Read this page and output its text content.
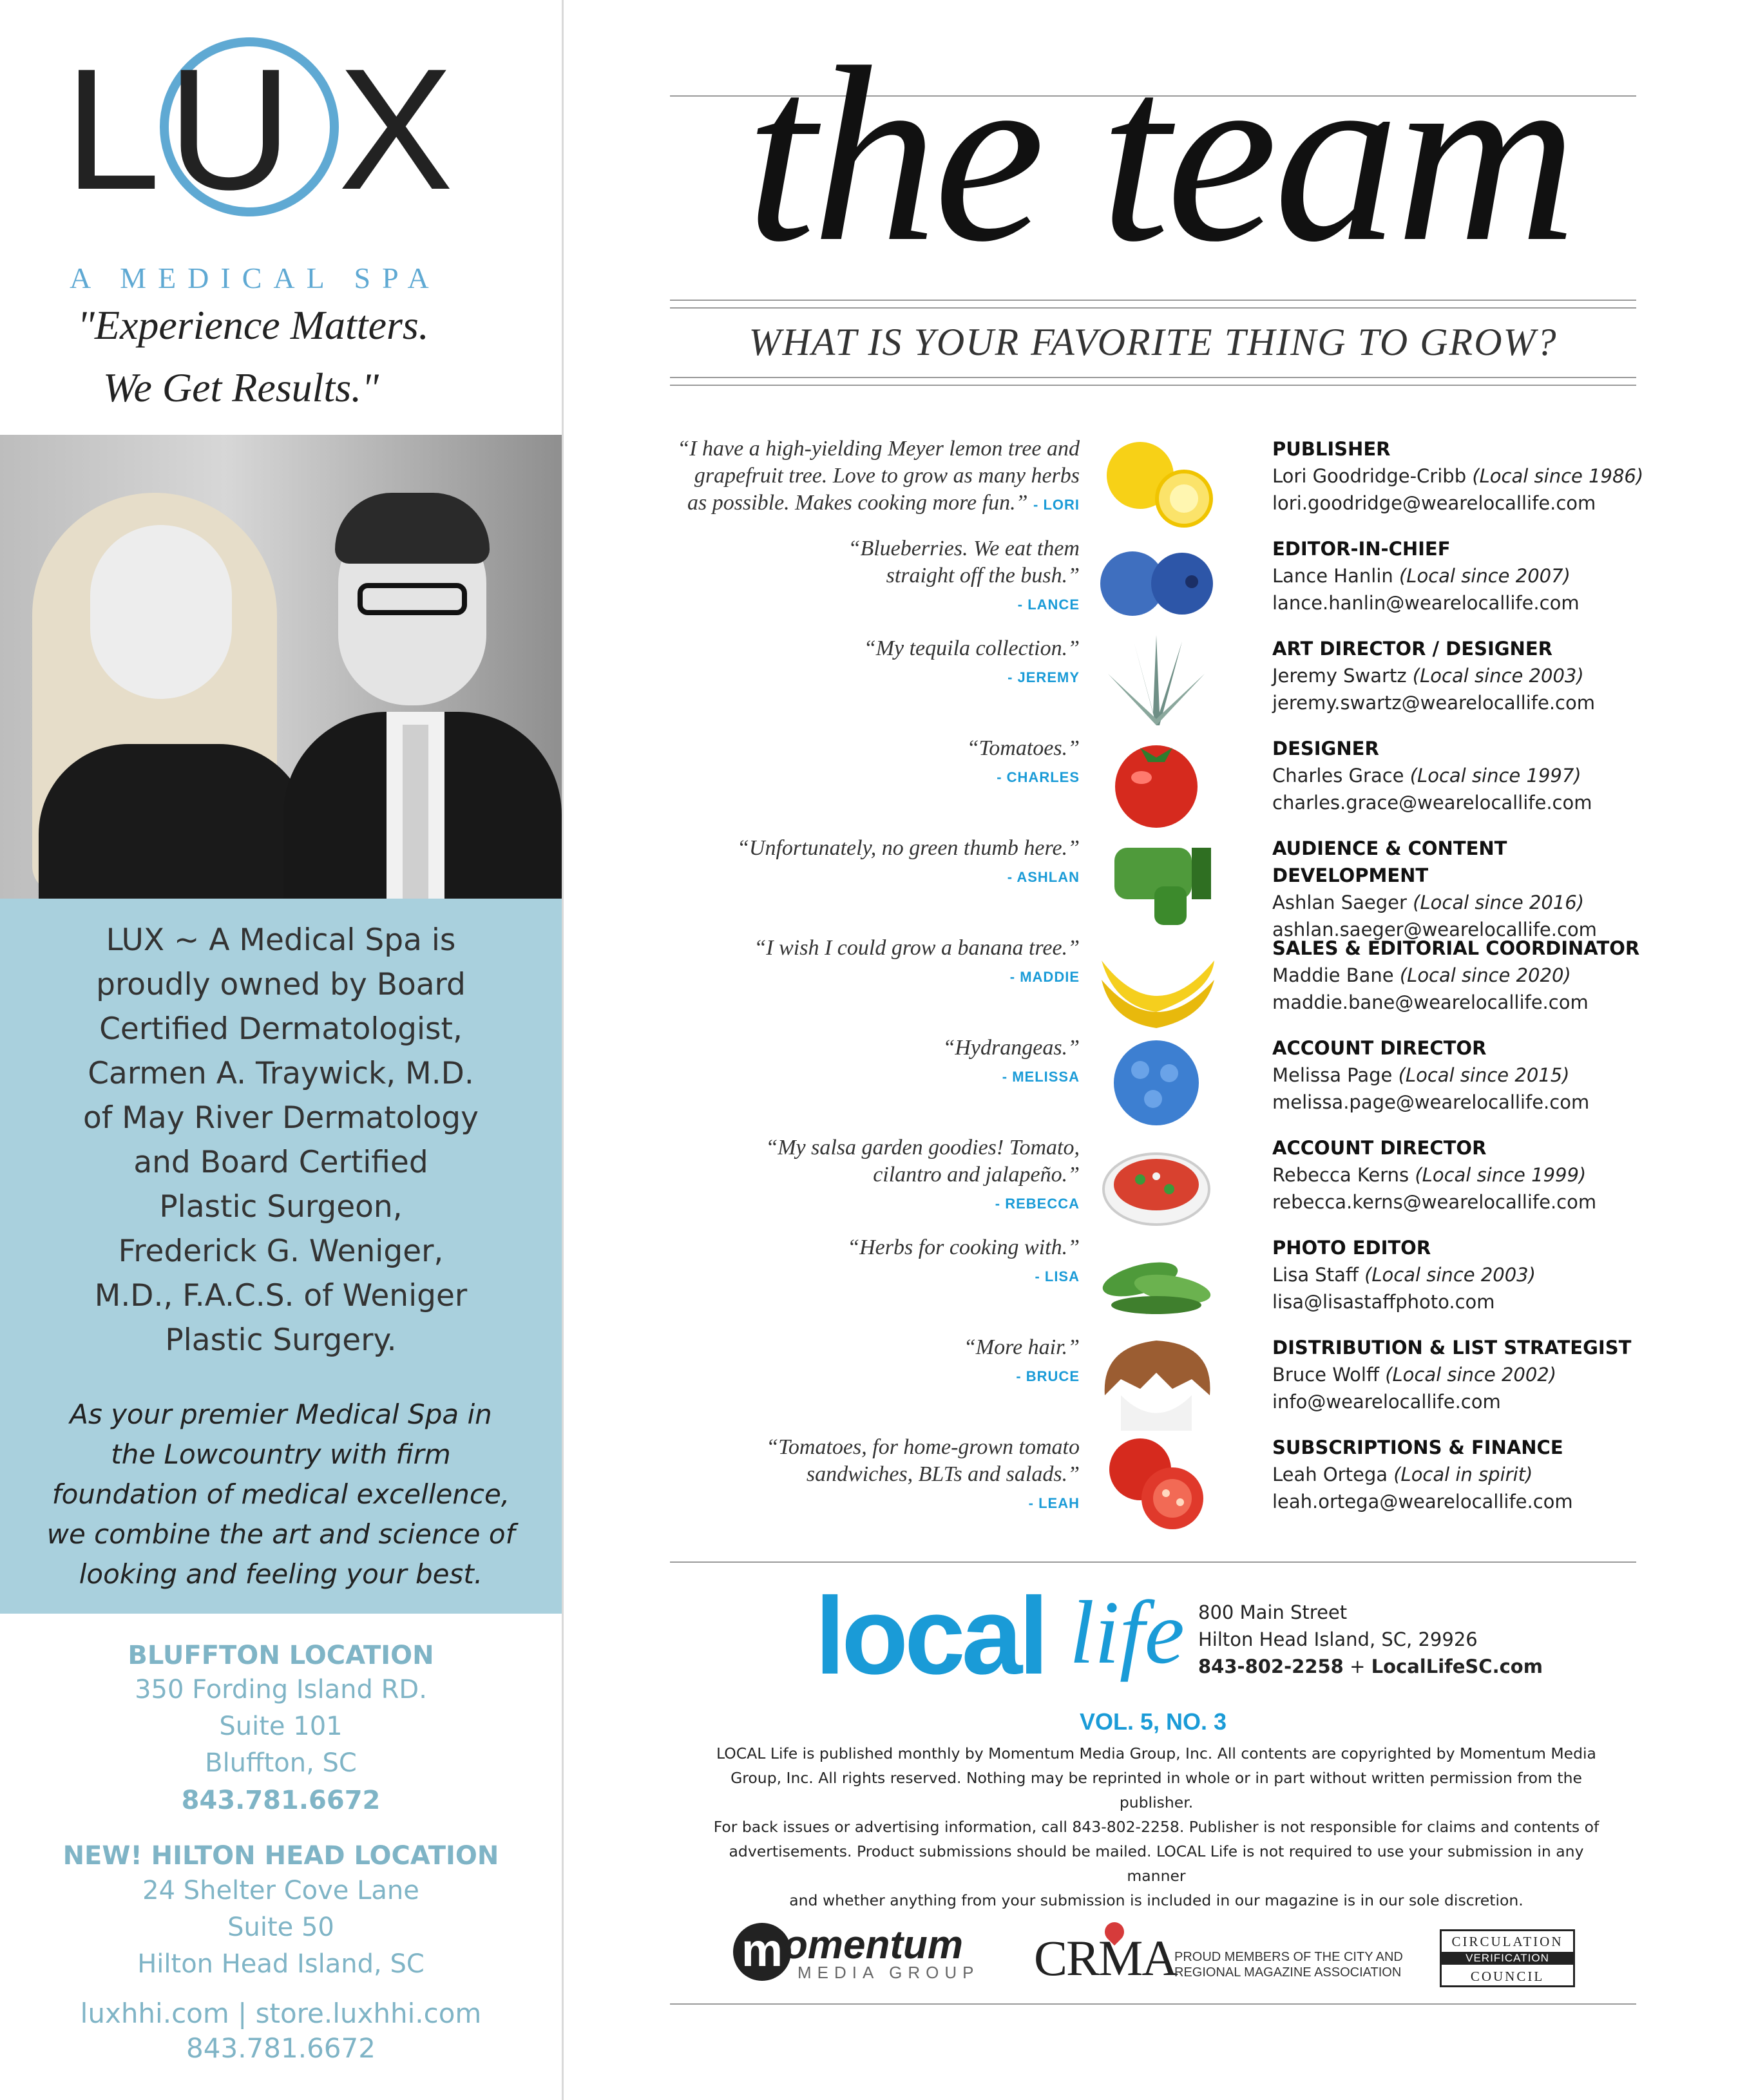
L U X
A MEDICAL SPA
"Experience Matters.
We Get Results."
LUX ~ A Medical Spa is
proudly owned by Board
Certified Dermatologist,
Carmen A. Traywick, M.D.
of May River Dermatology
and Board Certified
Plastic Surgeon,
Frederick G. Weniger,
M.D., F.A.C.S. of Weniger
Plastic Surgery.
As your premier Medical Spa in
the Lowcountry with firm
foundation of medical excellence,
we combine the art and science of
looking and feeling your best.
BLUFFTON LOCATION
350 Fording Island RD.
Suite 101
Bluffton, SC
843.781.6672
NEW! HILTON HEAD LOCATION
24 Shelter Cove Lane
Suite 50
Hilton Head Island, SC
luxhhi.com | store.luxhhi.com
843.781.6672
the team
WHAT IS YOUR FAVORITE THING TO GROW?
“I have a high-yielding Meyer lemon tree and
grapefruit tree. Love to grow as many herbs
as possible. Makes cooking more fun.” - LORI
PUBLISHER
Lori Goodridge-Cribb (Local since 1986)
lori.goodridge@wearelocallife.com
“Blueberries. We eat them
straight off the bush.”
- LANCE
EDITOR-IN-CHIEF
Lance Hanlin (Local since 2007)
lance.hanlin@wearelocallife.com
“My tequila collection.”
- JEREMY
ART DIRECTOR / DESIGNER
Jeremy Swartz (Local since 2003)
jeremy.swartz@wearelocallife.com
“Tomatoes.”
- CHARLES
DESIGNER
Charles Grace (Local since 1997)
charles.grace@wearelocallife.com
“Unfortunately, no green thumb here.”
- ASHLAN
AUDIENCE & CONTENT DEVELOPMENT
Ashlan Saeger (Local since 2016)
ashlan.saeger@wearelocallife.com
“I wish I could grow a banana tree.”
- MADDIE
SALES & EDITORIAL COORDINATOR
Maddie Bane (Local since 2020)
maddie.bane@wearelocallife.com
“Hydrangeas.”
- MELISSA
ACCOUNT DIRECTOR
Melissa Page (Local since 2015)
melissa.page@wearelocallife.com
“My salsa garden goodies! Tomato,
cilantro and jalapeño.”
- REBECCA
ACCOUNT DIRECTOR
Rebecca Kerns (Local since 1999)
rebecca.kerns@wearelocallife.com
“Herbs for cooking with.”
- LISA
PHOTO EDITOR
Lisa Staff (Local since 2003)
lisa@lisastaffphoto.com
“More hair.”
- BRUCE
DISTRIBUTION & LIST STRATEGIST
Bruce Wolff (Local since 2002)
info@wearelocallife.com
“Tomatoes, for home-grown tomato
sandwiches, BLTs and salads.”
- LEAH
SUBSCRIPTIONS & FINANCE
Leah Ortega (Local in spirit)
leah.ortega@wearelocallife.com
local life 800 Main Street
Hilton Head Island, SC, 29926
843-802-2258 + LocalLifeSC.com
VOL. 5, NO. 3
LOCAL Life is published monthly by Momentum Media Group, Inc. All contents are copyrighted by Momentum Media
Group, Inc. All rights reserved. Nothing may be reprinted in whole or in part without written permission from the publisher.
For back issues or advertising information, call 843-802-2258. Publisher is not responsible for claims and contents of
advertisements. Product submissions should be mailed. LOCAL Life is not required to use your submission in any manner
and whether anything from your submission is included in our magazine is in our sole discretion.
m omentum
MEDIA GROUP CRMA
PROUD MEMBERS OF THE CITY AND REGIONAL MAGAZINE ASSOCIATION
CIRCULATION
VERIFICATION
COUNCIL
